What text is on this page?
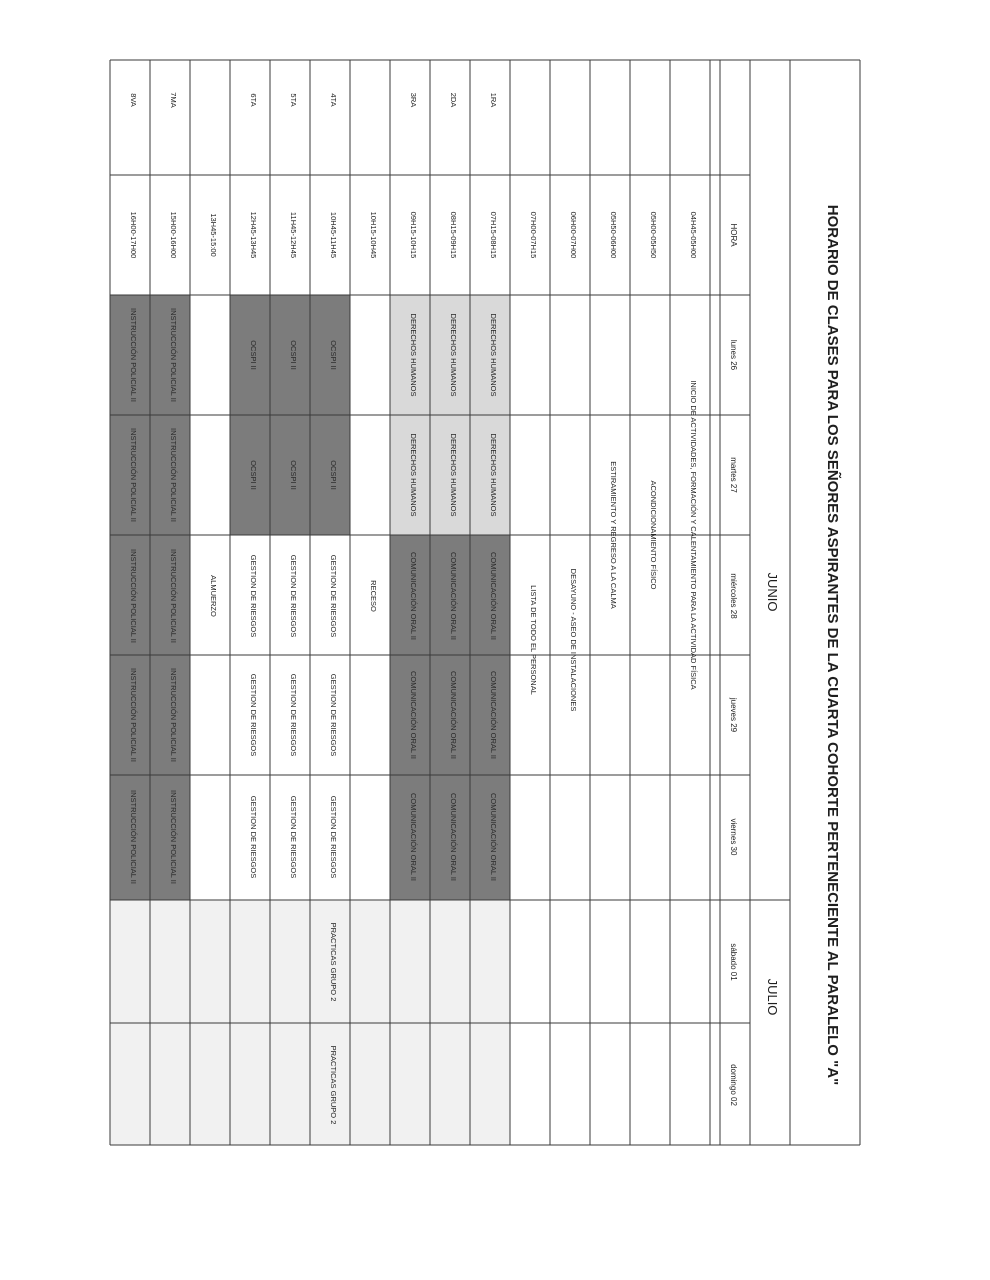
HORARIO DE CLASES PARA LOS SEÑORES ASPIRANTES DE LA CUARTA COHORTE PERTENECIENTE AL PARALELO "A"
JUNIO
JULIO
HORA
lunes 26
martes 27
miércoles 28
jueves 29
viernes 30
sábado 01
domingo 02
04H45-05H00
05H00-05H50
05H50-06H00
06H00-07H00
07H00-07H15
07H15-08H15
08H15-09H15
09H15-10H15
10H15-10H45
10H45-11H45
11H45-12H45
12H45-13H45
13H45-15:00
15H00-16H00
16H00-17H00
1RA
2DA
3RA
4TA
5TA
6TA
7MA
8VA
INICIO DE ACTIVIDADES, FORMACIÓN Y CALENTAMIENTO PARA LA ACTIVIDAD FÍSICA
ACONDICIONAMIENTO FÍSICO
ESTIRAMIENTO Y REGRESO A LA CALMA
DESAYUNO - ASEO DE INSTALACIONES
LISTA DE TODO EL PERSONAL
RECESO
ALMUERZO
PRACTICAS GRUPO 2
PRACTICAS GRUPO 2
DERECHOS HUMANOS
DERECHOS HUMANOS
DERECHOS HUMANOS
OCSPI II
OCSPI II
OCSPI II
INSTRUCCIÓN POLICIAL II
INSTRUCCIÓN POLICIAL II
DERECHOS HUMANOS
DERECHOS HUMANOS
DERECHOS HUMANOS
OCSPI II
OCSPI II
OCSPI II
INSTRUCCIÓN POLICIAL II
INSTRUCCIÓN POLICIAL II
COMUNICACIÓN ORAL II
COMUNICACIÓN ORAL II
COMUNICACIÓN ORAL II
GESTION DE RIESGOS
GESTION DE RIESGOS
GESTION DE RIESGOS
INSTRUCCIÓN POLICIAL II
INSTRUCCIÓN POLICIAL II
COMUNICACIÓN ORAL II
COMUNICACIÓN ORAL II
COMUNICACIÓN ORAL II
GESTION DE RIESGOS
GESTION DE RIESGOS
GESTION DE RIESGOS
INSTRUCCIÓN POLICIAL II
INSTRUCCIÓN POLICIAL II
COMUNICACIÓN ORAL II
COMUNICACIÓN ORAL II
COMUNICACIÓN ORAL II
GESTION DE RIESGOS
GESTION DE RIESGOS
GESTION DE RIESGOS
INSTRUCCIÓN POLICIAL II
INSTRUCCIÓN POLICIAL II
